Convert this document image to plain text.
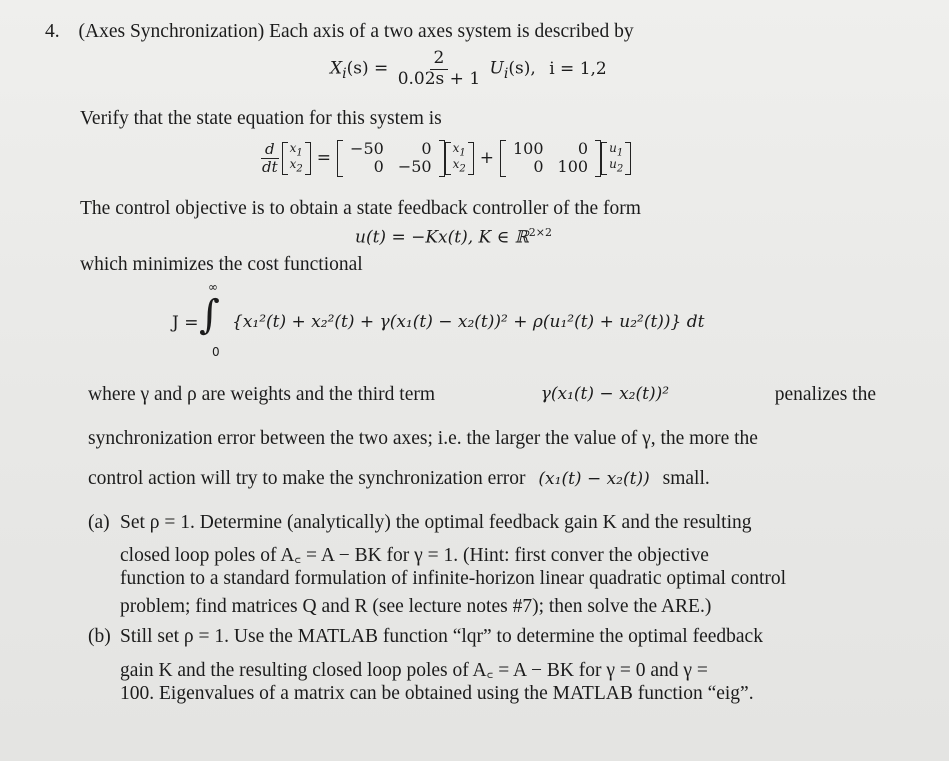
4. (Axes Synchronization) Each axis of a two axes system is described by
$X_i(s) = \frac{2}{0.02s + 1} U_i(s)$, i = 1,2
Verify that the state equation for this system is
$\frac{d}{dt} x_1$
$x_2$
= −50	0
0	−50
$x_1$
$x_2$
+ 100	0
0	100
$u_1$
$u_2$
The control objective is to obtain a state feedback controller of the form
u(t) = −Kx(t), K ∈ ℝ$^{2\times 2}$
which minimizes the cost functional
∞
∫
0
J = {x₁²(t) + x₂²(t) + γ(x₁(t) − x₂(t))² + ρ(u₁²(t) + u₂²(t))} dt
where γ and ρ are weights and the third term	γ(x₁(t) − x₂(t))²	penalizes the
synchronization error between the two axes; i.e. the larger the value of γ, the more the
control action will try to make the synchronization error (x₁(t) − x₂(t)) small.
(a) Set ρ = 1. Determine (analytically) the optimal feedback gain K and the resulting
closed loop poles of A꜀ = A − BK for γ = 1. (Hint: first conver the objective
function to a standard formulation of infinite-horizon linear quadratic optimal control
problem; find matrices Q and R (see lecture notes #7); then solve the ARE.)
(b) Still set ρ = 1. Use the MATLAB function “lqr” to determine the optimal feedback
gain K and the resulting closed loop poles of A꜀ = A − BK for γ = 0 and γ =
100. Eigenvalues of a matrix can be obtained using the MATLAB function “eig”.
